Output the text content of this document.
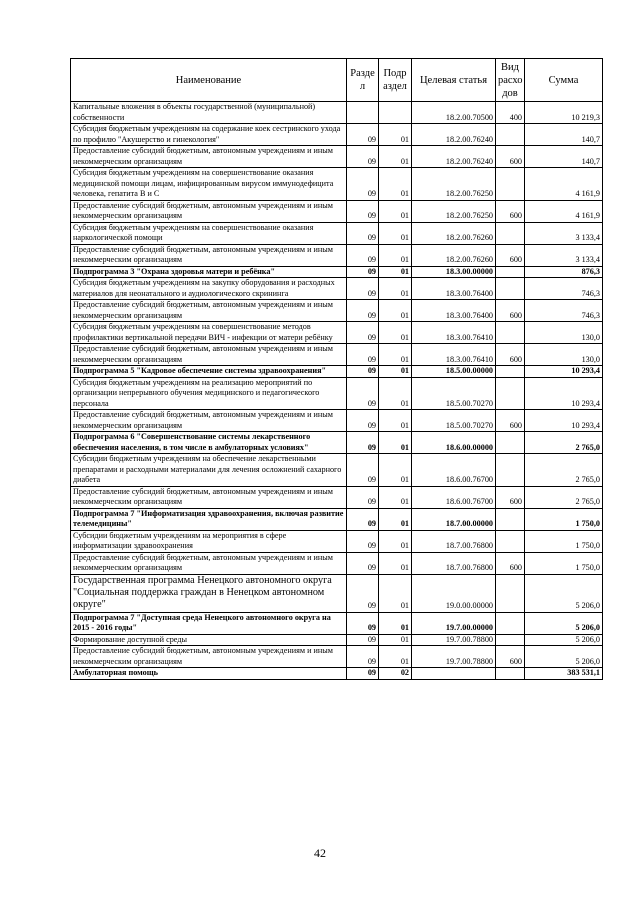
Наименование	Разде л	Подр аздел	Целевая статья	Вид расхо дов	Сумма
Капитальные вложения в объекты государственной (муниципальной) собственности			18.2.00.70500	400	10 219,3
Субсидия бюджетным учреждениям на содержание коек сестринского ухода по профилю "Акушерство и гинекология"	09	01	18.2.00.76240		140,7
Предоставление субсидий бюджетным, автономным учреждениям и иным некоммерческим организациям	09	01	18.2.00.76240	600	140,7
Субсидия бюджетным учреждениям на совершенствование оказания медицинской помощи лицам, инфицированным вирусом иммунодефицита человека, гепатита В и С	09	01	18.2.00.76250		4 161,9
Предоставление субсидий бюджетным, автономным учреждениям и иным некоммерческим организациям	09	01	18.2.00.76250	600	4 161,9
Субсидия бюджетным учреждениям на совершенствование оказания наркологической помощи	09	01	18.2.00.76260		3 133,4
Предоставление субсидий бюджетным, автономным учреждениям и иным некоммерческим организациям	09	01	18.2.00.76260	600	3 133,4
Подпрограмма 3 "Охрана здоровья матери и ребёнка"	09	01	18.3.00.00000		876,3
Субсидия бюджетным учреждениям на закупку оборудования и расходных материалов для неонатального и аудиологического скрининга	09	01	18.3.00.76400		746,3
Предоставление субсидий бюджетным, автономным учреждениям и иным некоммерческим организациям	09	01	18.3.00.76400	600	746,3
Субсидия бюджетным учреждениям на совершенствование методов профилактики вертикальной передачи ВИЧ - инфекции от матери ребёнку	09	01	18.3.00.76410		130,0
Предоставление субсидий бюджетным, автономным учреждениям и иным некоммерческим организациям	09	01	18.3.00.76410	600	130,0
Подпрограмма 5 "Кадровое обеспечение системы здравоохранения"	09	01	18.5.00.00000		10 293,4
Субсидия бюджетным учреждениям на реализацию мероприятий по организации непрерывного обучения медицинского и педагогического персонала	09	01	18.5.00.70270		10 293,4
Предоставление субсидий бюджетным, автономным учреждениям и иным некоммерческим организациям	09	01	18.5.00.70270	600	10 293,4
Подпрограмма 6 "Совершенствование системы лекарственного обеспечения населения, в том числе в амбулаторных условиях"	09	01	18.6.00.00000		2 765,0
Субсидии бюджетным учреждениям на обеспечение лекарственными препаратами и расходными материалами для лечения осложнений сахарного диабета	09	01	18.6.00.76700		2 765,0
Предоставление субсидий бюджетным, автономным учреждениям и иным некоммерческим организациям	09	01	18.6.00.76700	600	2 765,0
Подпрограмма 7 "Информатизация здравоохранения, включая развитие телемедицины"	09	01	18.7.00.00000		1 750,0
Субсидии бюджетным учреждениям на мероприятия в сфере информатизации здравоохранения	09	01	18.7.00.76800		1 750,0
Предоставление субсидий бюджетным, автономным учреждениям и иным некоммерческим организациям	09	01	18.7.00.76800	600	1 750,0
Государственная программа Ненецкого автономного округа "Социальная поддержка граждан в Ненецком автономном округе"	09	01	19.0.00.00000		5 206,0
Подпрограмма 7 "Доступная среда Ненецкого автономного округа на 2015 - 2016 годы"	09	01	19.7.00.00000		5 206,0
Формирование доступной среды	09	01	19.7.00.78800		5 206,0
Предоставление субсидий бюджетным, автономным учреждениям и иным некоммерческим организациям	09	01	19.7.00.78800	600	5 206,0
Амбулаторная помощь	09	02			383 531,1
42
